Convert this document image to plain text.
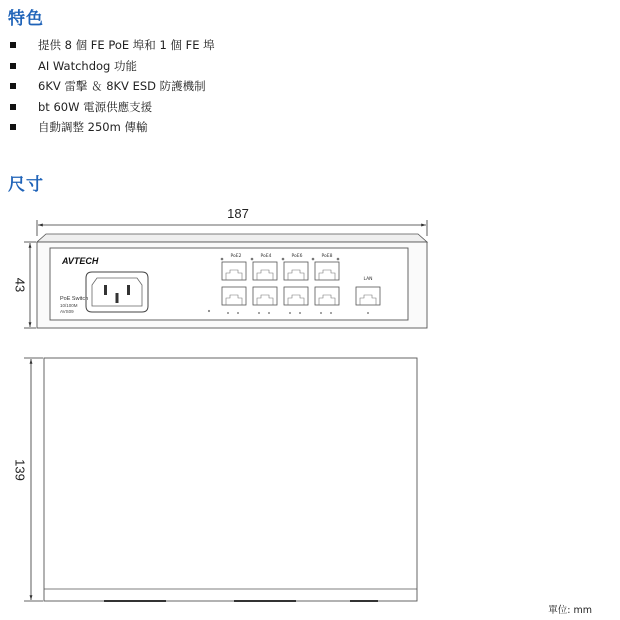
特色
提供 8 個 FE PoE 埠和 1 個 FE 埠
AI Watchdog 功能
6KV 雷擊 ＆ 8KV ESD 防護機制
bt 60W 電源供應支援
自動調整 250m 傳輸
尺寸
187
AVTECH
PoE Switch
10/100M
AVS09
PoE2	PoE4	PoE6	PoE8
LAN
43
139
單位: mm
